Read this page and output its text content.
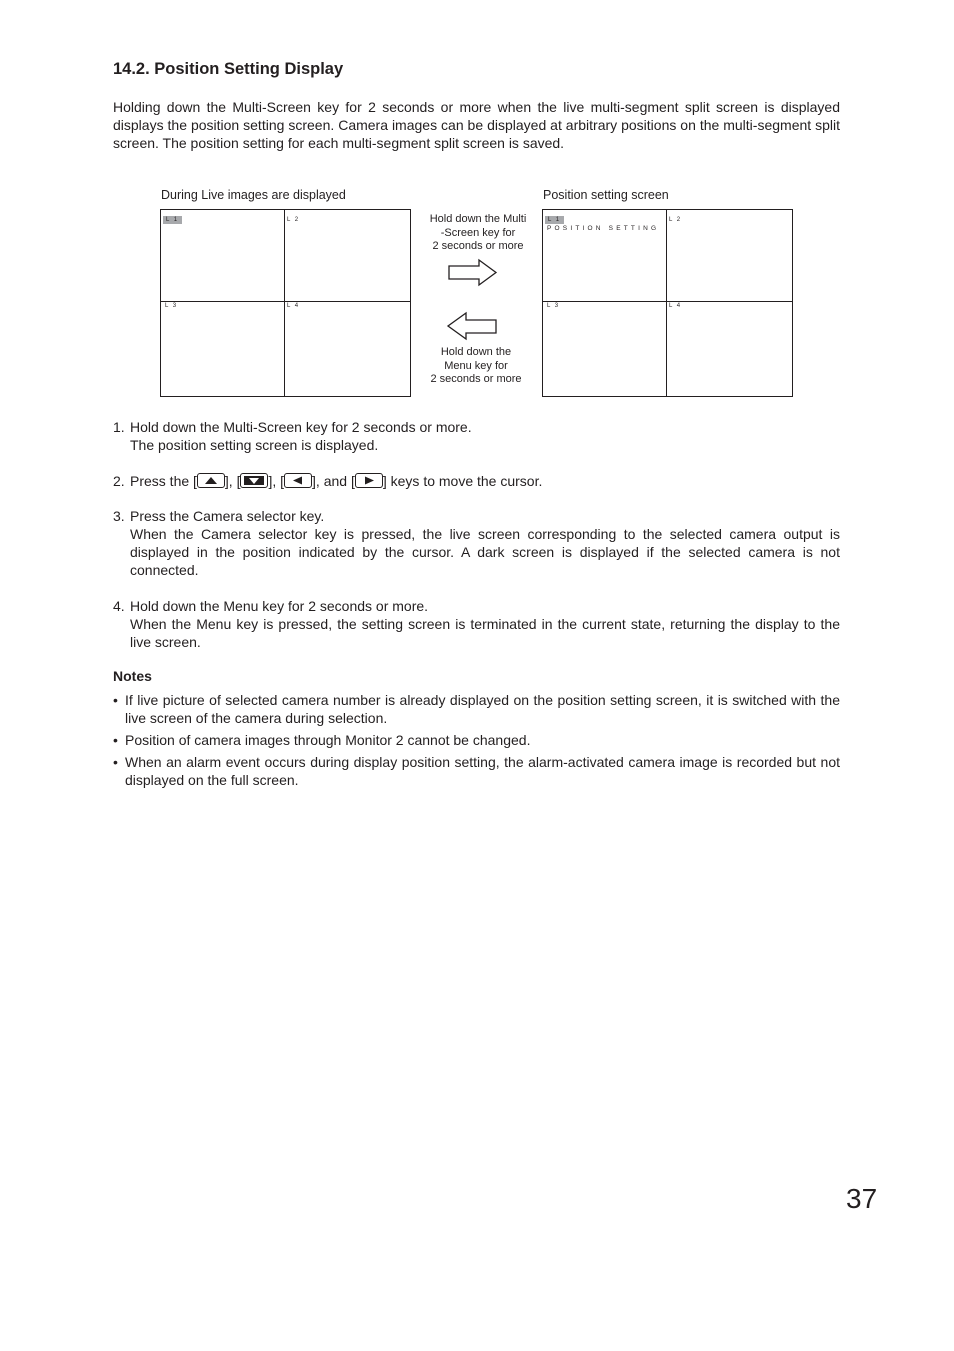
14.2. Position Setting Display

Holding down the Multi-Screen key for 2 seconds or more when the live multi-segment split screen is displayed displays the position setting screen. Camera images can be displayed at arbitrary positions on the multi-segment split screen. The position setting for each multi-segment split screen is saved.

During Live images are displayed	Position setting screen
L 1	L 2
L 3	L 4
Hold down the Multi
-Screen key for
2 seconds or more
Hold down the
Menu key for
2 seconds or more
L 1
POSITION SETTING
L 2
L 3	L 4
1. Hold down the Multi-Screen key for 2 seconds or more.
The position setting screen is displayed.
2. Press the [ ], [ ], [ ], and [ ] keys to move the cursor.
3. Press the Camera selector key.
When the Camera selector key is pressed, the live screen corresponding to the selected camera output is displayed in the position indicated by the cursor. A dark screen is displayed if the selected camera is not connected.
4. Hold down the Menu key for 2 seconds or more.
When the Menu key is pressed, the setting screen is terminated in the current state, returning the display to the live screen.
Notes
• If live picture of selected camera number is already displayed on the position setting screen, it is switched with the live screen of the camera during selection.
• Position of camera images through Monitor 2 cannot be changed.
• When an alarm event occurs during display position setting, the alarm-activated camera image is recorded but not displayed on the full screen.
37
